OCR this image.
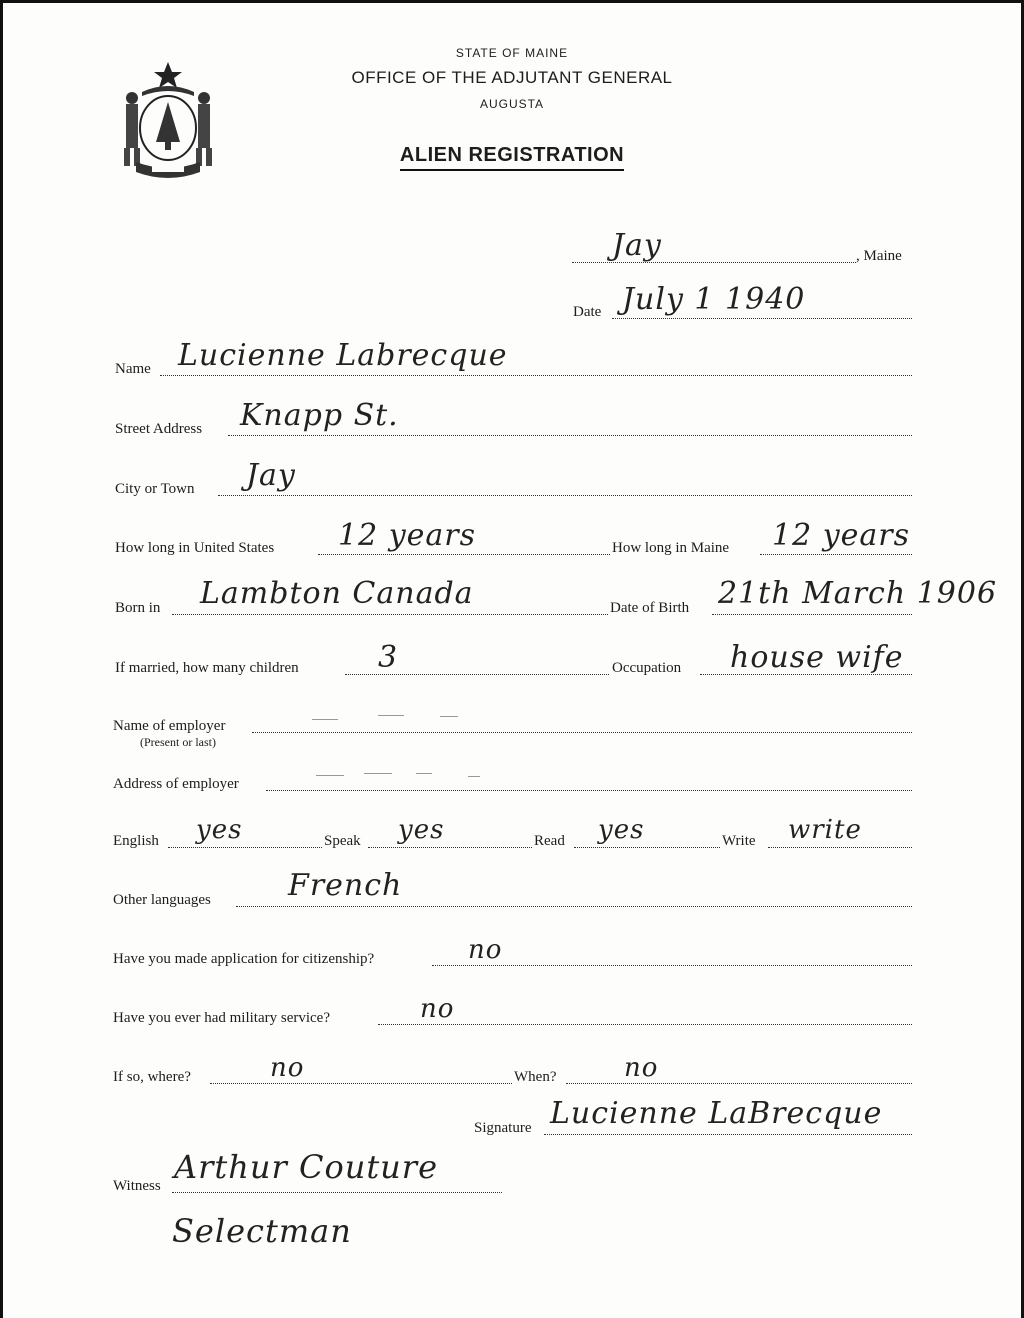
STATE OF MAINE
OFFICE OF THE ADJUTANT GENERAL
AUGUSTA
ALIEN REGISTRATION
Jay	, Maine
Date July 1 1940
Name Lucienne Labrecque
Street Address Knapp St.
City or Town Jay
How long in United States 12 years	How long in Maine 12 years
Born in Lambton Canada	Date of Birth 21th March 1906
If married, how many children	3	Occupation house wife
Name of employer
(Present or last)
Address of employer
English yes	Speak yes	Read yes	Write write
Other languages	French
Have you made application for citizenship?	no
Have you ever had military service?	no
If so, where?	no	When?	no
Signature Lucienne LaBrecque
Witness Arthur Couture
Selectman
